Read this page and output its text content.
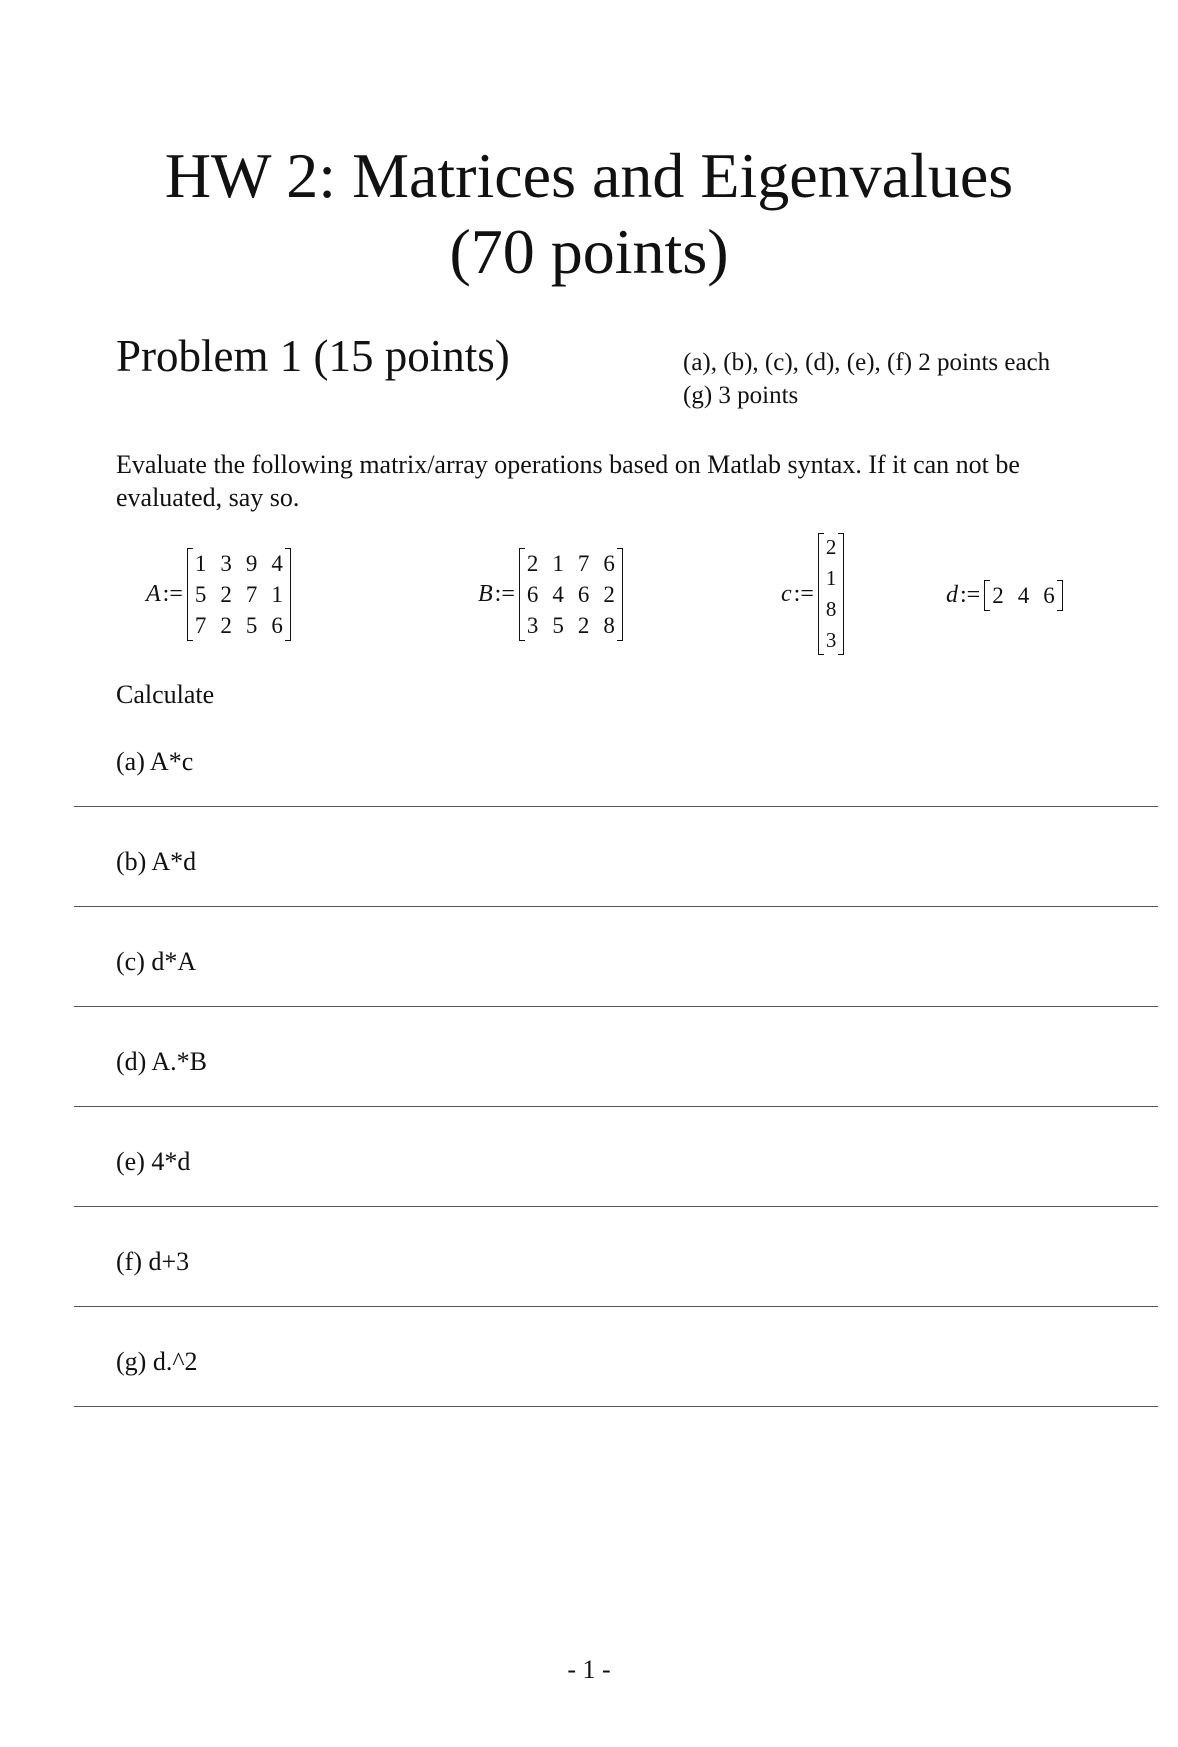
HW 2: Matrices and Eigenvalues
(70 points)
Problem 1 (15 points)	(a), (b), (c), (d), (e), (f) 2 points each
(g) 3 points
Evaluate the following matrix/array operations based on Matlab syntax. If it can not be evaluated, say so.
A :=
1 3 9 4
5 2 7 1
7 2 5 6
B :=
2 1 7 6
6 4 6 2
3 5 2 8
c :=
2
1
8
3
d := 2 4 6
Calculate
(a) A*c
(b) A*d
(c) d*A
(d) A.*B
(e) 4*d
(f) d+3
(g) d.^2
- 1 -
